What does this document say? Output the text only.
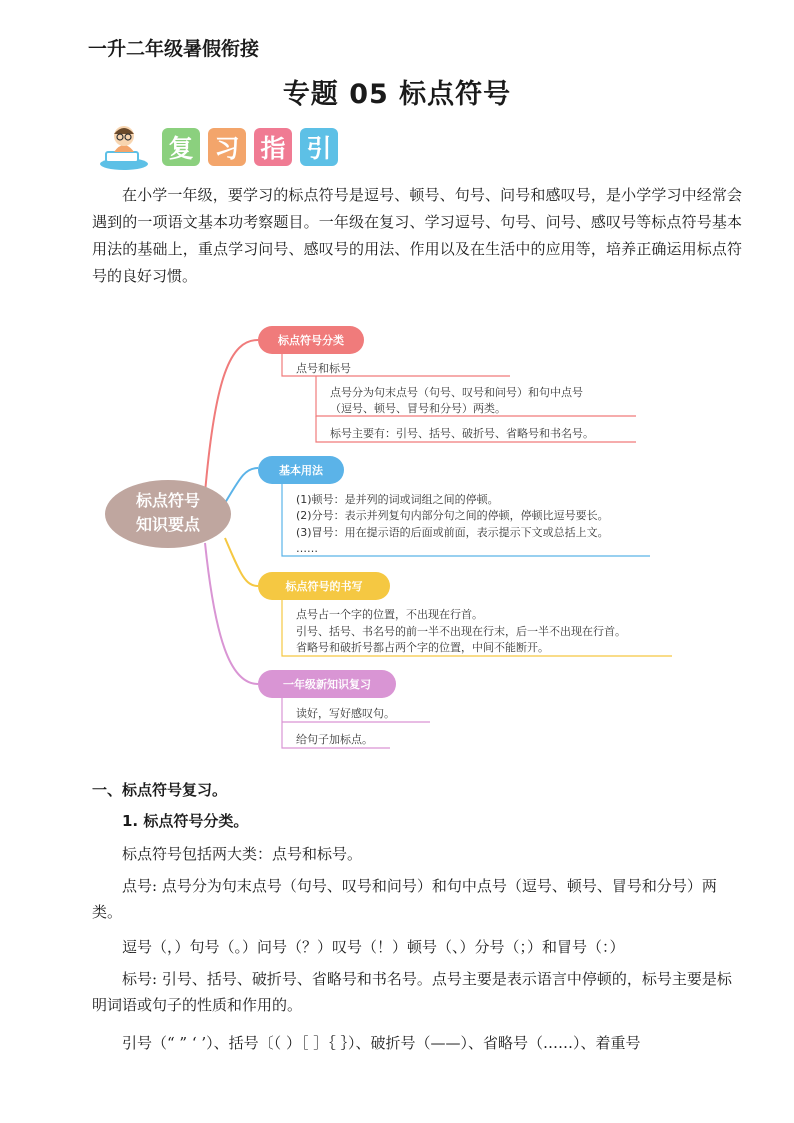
一升二年级暑假衔接
专题 05 标点符号
复 习 指 引

在小学一年级，要学习的标点符号是逗号、顿号、句号、问号和感叹号，是小学学习中经常会遇到的一项语文基本功考察题目。一年级在复习、学习逗号、句号、问号、感叹号等标点符号基本用法的基础上，重点学习问号、感叹号的用法、作用以及在生活中的应用等，培养正确运用标点符号的良好习惯。

标点符号
知识要点
标点符号分类
点号和标号
点号分为句末点号（句号、叹号和问号）和句中点号
（逗号、顿号、冒号和分号）两类。
标号主要有：引号、括号、破折号、省略号和书名号。
基本用法
(1)顿号：是并列的词或词组之间的停顿。
(2)分号：表示并列复句内部分句之间的停顿，停顿比逗号要长。
(3)冒号：用在提示语的后面或前面，表示提示下文或总括上文。
……
标点符号的书写
点号占一个字的位置，不出现在行首。
引号、括号、书名号的前一半不出现在行末，后一半不出现在行首。
省略号和破折号都占两个字的位置，中间不能断开。
一年级新知识复习
读好，写好感叹句。
给句子加标点。

一、标点符号复习。

1. 标点符号分类。

标点符号包括两大类：点号和标号。

点号: 点号分为句末点号（句号、叹号和问号）和句中点号（逗号、顿号、冒号和分号）两类。

逗号（，）句号（。）问号（？）叹号（！）顿号（、）分号（；）和冒号（：）

标号: 引号、括号、破折号、省略号和书名号。点号主要是表示语言中停顿的，标号主要是标明词语或句子的性质和作用的。

引号（“ ” ‘ ’）、括号〔（ ）［ ］｛ ｝）、破折号（——）、省略号（……）、着重号
